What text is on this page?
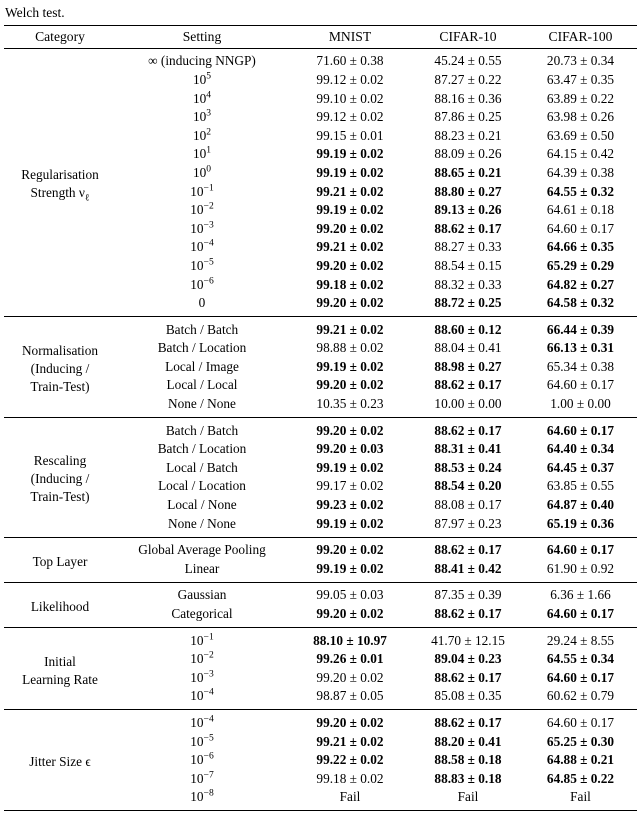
Welch test.
Category	Setting	MNIST	CIFAR-10	CIFAR-100
Regularisation
Strength $\nu_\ell$	∞ (inducing NNGP)	71.60 ± 0.38	45.24 ± 0.55	20.73 ± 0.34
	$10^5$	99.12 ± 0.02	87.27 ± 0.22	63.47 ± 0.35
	$10^4$	99.10 ± 0.02	88.16 ± 0.36	63.89 ± 0.22
	$10^3$	99.12 ± 0.02	87.86 ± 0.25	63.98 ± 0.26
	$10^2$	99.15 ± 0.01	88.23 ± 0.21	63.69 ± 0.50
	$10^1$	99.19 ± 0.02	88.09 ± 0.26	64.15 ± 0.42
	$10^0$	99.19 ± 0.02	88.65 ± 0.21	64.39 ± 0.38
	$10^{-1}$	99.21 ± 0.02	88.80 ± 0.27	64.55 ± 0.32
	$10^{-2}$	99.19 ± 0.02	89.13 ± 0.26	64.61 ± 0.18
	$10^{-3}$	99.20 ± 0.02	88.62 ± 0.17	64.60 ± 0.17
	$10^{-4}$	99.21 ± 0.02	88.27 ± 0.33	64.66 ± 0.35
	$10^{-5}$	99.20 ± 0.02	88.54 ± 0.15	65.29 ± 0.29
	$10^{-6}$	99.18 ± 0.02	88.32 ± 0.33	64.82 ± 0.27
	0	99.20 ± 0.02	88.72 ± 0.25	64.58 ± 0.32
Normalisation
(Inducing /
Train-Test)	Batch / Batch	99.21 ± 0.02	88.60 ± 0.12	66.44 ± 0.39
	Batch / Location	98.88 ± 0.02	88.04 ± 0.41	66.13 ± 0.31
	Local / Image	99.19 ± 0.02	88.98 ± 0.27	65.34 ± 0.38
	Local / Local	99.20 ± 0.02	88.62 ± 0.17	64.60 ± 0.17
	None / None	10.35 ± 0.23	10.00 ± 0.00	1.00 ± 0.00
Rescaling
(Inducing /
Train-Test)	Batch / Batch	99.20 ± 0.02	88.62 ± 0.17	64.60 ± 0.17
	Batch / Location	99.20 ± 0.03	88.31 ± 0.41	64.40 ± 0.34
	Local / Batch	99.19 ± 0.02	88.53 ± 0.24	64.45 ± 0.37
	Local / Location	99.17 ± 0.02	88.54 ± 0.20	63.85 ± 0.55
	Local / None	99.23 ± 0.02	88.08 ± 0.17	64.87 ± 0.40
	None / None	99.19 ± 0.02	87.97 ± 0.23	65.19 ± 0.36
Top Layer	Global Average Pooling	99.20 ± 0.02	88.62 ± 0.17	64.60 ± 0.17
	Linear	99.19 ± 0.02	88.41 ± 0.42	61.90 ± 0.92
Likelihood	Gaussian	99.05 ± 0.03	87.35 ± 0.39	6.36 ± 1.66
	Categorical	99.20 ± 0.02	88.62 ± 0.17	64.60 ± 0.17
Initial
Learning Rate	$10^{-1}$	88.10 ± 10.97	41.70 ± 12.15	29.24 ± 8.55
	$10^{-2}$	99.26 ± 0.01	89.04 ± 0.23	64.55 ± 0.34
	$10^{-3}$	99.20 ± 0.02	88.62 ± 0.17	64.60 ± 0.17
	$10^{-4}$	98.87 ± 0.05	85.08 ± 0.35	60.62 ± 0.79
Jitter Size ϵ	$10^{-4}$	99.20 ± 0.02	88.62 ± 0.17	64.60 ± 0.17
	$10^{-5}$	99.21 ± 0.02	88.20 ± 0.41	65.25 ± 0.30
	$10^{-6}$	99.22 ± 0.02	88.58 ± 0.18	64.88 ± 0.21
	$10^{-7}$	99.18 ± 0.02	88.83 ± 0.18	64.85 ± 0.22
	$10^{-8}$	Fail	Fail	Fail
